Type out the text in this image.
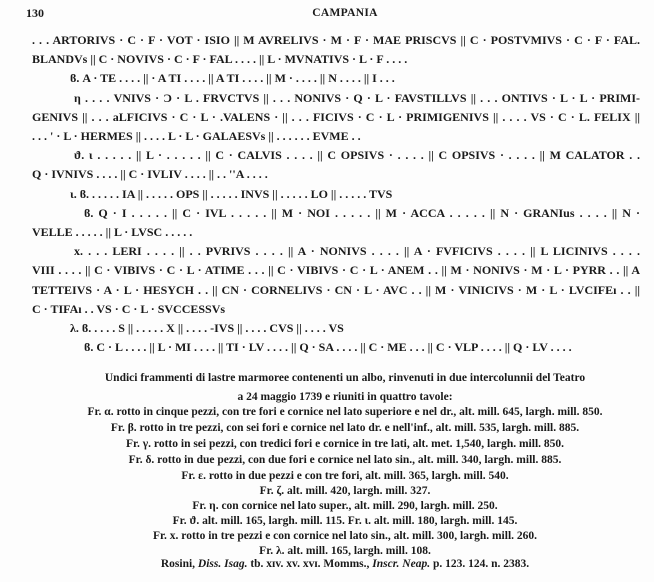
130	CAMPANIA
. . . ARTORIVS · C · F · VOT · ISIO || M AVRELIVS · M · F · MAE PRISCVS || C · POSTVMIVS · C · F · FAL.
BLANDVs || C · NOVIVS · C · F · FAL . . . . || L · MVNATIVS · L · F . . . .
ϐ. A · TE . . . . || · A TI . . . . || A TI . . . . || M · . . . . || N . . . . || I . . .
η . . . . VNIVS · Ͻ · L . FRVCTVS || . . . NONIVS · Q · L · FAVSTILLVS || . . . ONTIVS · L · L · PRIMI-
GENIVS || . . . aLFICIVS · C · L · .VALENS · || . . . FICIVS · C · L · PRIMIGENIVS || . . . . VS · C · L. FELIX ||
. . . ' · L · HERMES || . . . . L · L · GALAESVs || . . . . . . EVME . .
ϑ. ι . . . . . || L · . . . . . || C · CALVIS . . . . || C OPSIVS · . . . . || C OPSIVS · . . . . || M CALATOR . .
Q · IVNIVS . . . . || C · IVLIV . . . . || . . ''A . . . .
ι. ϐ. . . . . . IA || . . . . . OPS || . . . . . INVS || . . . . . LO || . . . . . TVS
ϐ. Q · I . . . . . || C · IVL . . . . . || M · NOI . . . . . || M · ACCA . . . . . || N · GRANIus . . . . || N ·
VELLE . . . . . || L · LVSC . . . . .
x. . . . LERI . . . . || . . PVRIVS . . . . || A · NONIVS . . . . || A · FVFICIVS . . . . || L LICINIVS . . . .
VIII . . . . || C · VIBIVS · C · L · ATIME . . . || C · VIBIVS · C · L · ANEM . . || M · NONIVS · M · L · PYRR . . || A
TETTEIVS · A · L · HESYCH . . || CN · CORNELIVS · CN · L · AVC . . || M · VINICIVS · M · L · LVCIFEı . . ||
C · TIFAı . . VS · C · L · SVCCESSVs
λ. ϐ. . . . . S || . . . . . X || . . . . -IVS || . . . . CVS || . . . . VS
ϐ. C · L . . . . || L · MI . . . . || TI · LV . . . . || Q · SA . . . . || C · ME . . . || C · VLP . . . . || Q · LV . . . .
Undici frammenti di lastre marmoree contenenti un albo, rinvenuti in due intercolunnii del Teatro
a 24 maggio 1739 e riuniti in quattro tavole:
Fr. α. rotto in cinque pezzi, con tre fori e cornice nel lato superiore e nel dr., alt. mill. 645, largh. mill. 850.
Fr. β. rotto in tre pezzi, con sei fori e cornice nel lato dr. e nell'inf., alt. mill. 535, largh. mill. 885.
Fr. γ. rotto in sei pezzi, con tredici fori e cornice in tre lati, alt. met. 1,540, largh. mill. 850.
Fr. δ. rotto in due pezzi, con due fori e cornice nel lato sin., alt. mill. 340, largh. mill. 885.
Fr. ε. rotto in due pezzi e con tre fori, alt. mill. 365, largh. mill. 540.
Fr. ζ. alt. mill. 420, largh. mill. 327.
Fr. η. con cornice nel lato super., alt. mill. 290, largh. mill. 250.
Fr. ϑ. alt. mill. 165, largh. mill. 115. Fr. ι. alt. mill. 180, largh. mill. 145.
Fr. x. rotto in tre pezzi e con cornice nel lato sin., alt. mill. 300, largh. mill. 260.
Fr. λ. alt. mill. 165, largh. mill. 108.
Rosini, Diss. Isag. tb. xɪv. xv. xvɪ. Momms., Inscr. Neap. p. 123. 124. n. 2383.
